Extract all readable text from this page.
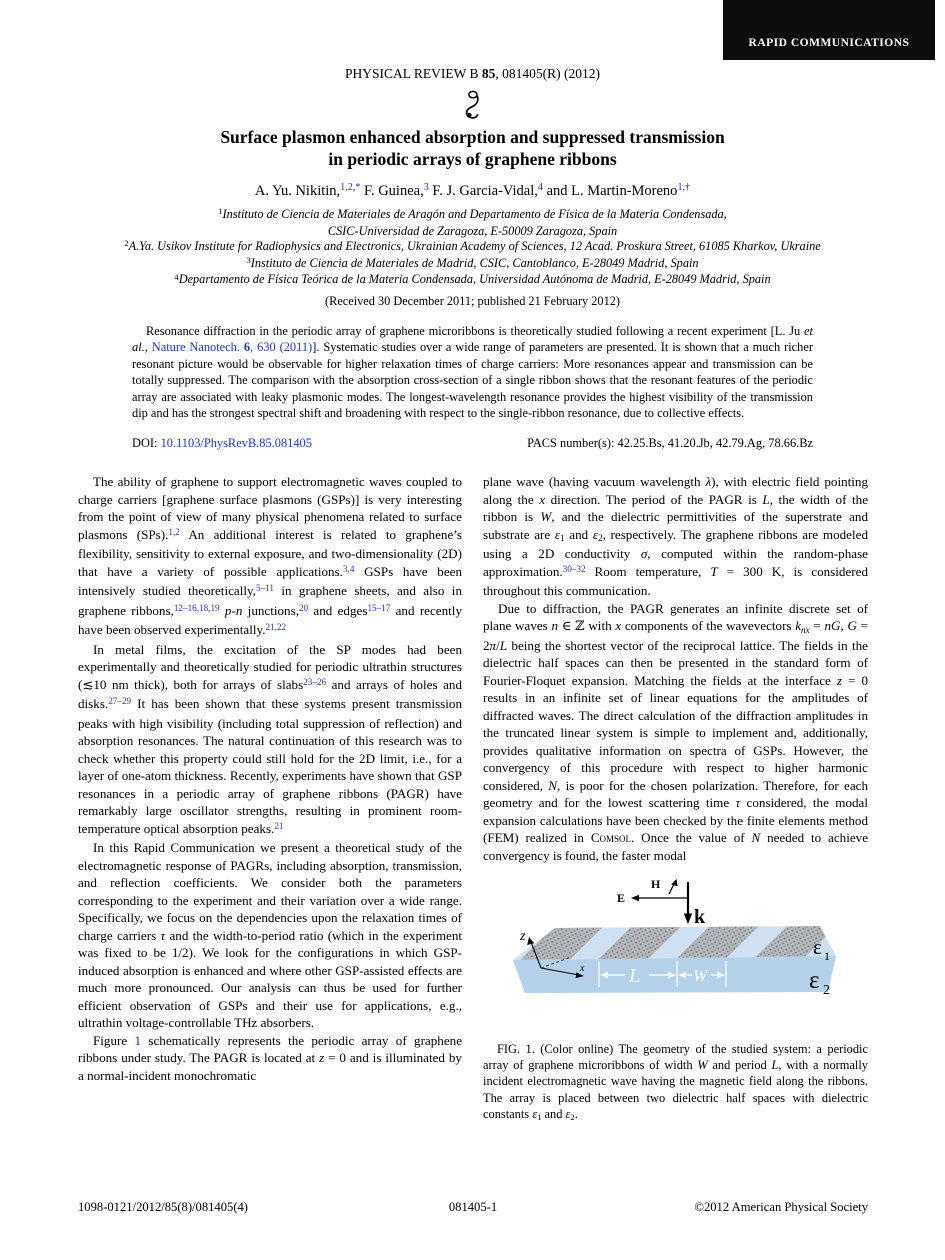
RAPID COMMUNICATIONS
PHYSICAL REVIEW B 85, 081405(R) (2012)
Surface plasmon enhanced absorption and suppressed transmission
in periodic arrays of graphene ribbons
A. Yu. Nikitin,$^{1,2,*}$ F. Guinea,$^3$ F. J. Garcia-Vidal,$^4$ and L. Martin-Moreno$^{1,\dagger}$
$^1$Instituto de Ciencia de Materiales de Aragón and Departamento de Física de la Materia Condensada,
CSIC-Universidad de Zaragoza, E-50009 Zaragoza, Spain
$^2$A.Ya. Usikov Institute for Radiophysics and Electronics, Ukrainian Academy of Sciences, 12 Acad. Proskura Street, 61085 Kharkov, Ukraine
$^3$Instituto de Ciencia de Materiales de Madrid, CSIC, Cantoblanco, E-28049 Madrid, Spain
$^4$Departamento de Física Teórica de la Materia Condensada, Universidad Autónoma de Madrid, E-28049 Madrid, Spain
(Received 30 December 2011; published 21 February 2012)
Resonance diffraction in the periodic array of graphene microribbons is theoretically studied following a recent experiment [L. Ju et al., Nature Nanotech. 6, 630 (2011)]. Systematic studies over a wide range of parameters are presented. It is shown that a much richer resonant picture would be observable for higher relaxation times of charge carriers: More resonances appear and transmission can be totally suppressed. The comparison with the absorption cross-section of a single ribbon shows that the resonant features of the periodic array are associated with leaky plasmonic modes. The longest-wavelength resonance provides the highest visibility of the transmission dip and has the strongest spectral shift and broadening with respect to the single-ribbon resonance, due to collective effects.
DOI: 10.1103/PhysRevB.85.081405	PACS number(s): 42.25.Bs, 41.20.Jb, 42.79.Ag, 78.66.Bz

The ability of graphene to support electromagnetic waves coupled to charge carriers [graphene surface plasmons (GSPs)] is very interesting from the point of view of many physical phenomena related to surface plasmons (SPs).$^{1,2}$ An additional interest is related to graphene’s flexibility, sensitivity to external exposure, and two-dimensionality (2D) that have a variety of possible applications.$^{3,4}$ GSPs have been intensively studied theoretically,$^{5-11}$ in graphene sheets, and also in graphene ribbons,$^{12-16,18,19}$ p-n junctions,$^{20}$ and edges$^{15-17}$ and recently have been observed experimentally.$^{21,22}$

In metal films, the excitation of the SP modes had been experimentally and theoretically studied for periodic ultrathin structures (≲10 nm thick), both for arrays of slabs$^{23-26}$ and arrays of holes and disks.$^{27-29}$ It has been shown that these systems present transmission peaks with high visibility (including total suppression of reflection) and absorption resonances. The natural continuation of this research was to check whether this property could still hold for the 2D limit, i.e., for a layer of one-atom thickness. Recently, experiments have shown that GSP resonances in a periodic array of graphene ribbons (PAGR) have remarkably large oscillator strengths, resulting in prominent room-temperature optical absorption peaks.$^{21}$

In this Rapid Communication we present a theoretical study of the electromagnetic response of PAGRs, including absorption, transmission, and reflection coefficients. We consider both the parameters corresponding to the experiment and their variation over a wide range. Specifically, we focus on the dependencies upon the relaxation times of charge carriers τ and the width-to-period ratio (which in the experiment was fixed to be 1/2). We look for the configurations in which GSP-induced absorption is enhanced and where other GSP-assisted effects are much more pronounced. Our analysis can thus be used for further efficient observation of GSPs and their use for applications, e.g., ultrathin voltage-controllable THz absorbers.

Figure 1 schematically represents the periodic array of graphene ribbons under study. The PAGR is located at z = 0 and is illuminated by a normal-incident monochromatic

plane wave (having vacuum wavelength λ), with electric field pointing along the x direction. The period of the PAGR is L, the width of the ribbon is W, and the dielectric permittivities of the superstrate and substrate are ε1 and ε2, respectively. The graphene ribbons are modeled using a 2D conductivity σ, computed within the random-phase approximation.$^{30-32}$ Room temperature, T = 300 K, is considered throughout this communication.

Due to diffraction, the PAGR generates an infinite discrete set of plane waves n ∈ ℤ with x components of the wavevectors knx = nG, G = 2π/L being the shortest vector of the reciprocal lattice. The fields in the dielectric half spaces can then be presented in the standard form of Fourier-Floquet expansion. Matching the fields at the interface z = 0 results in an infinite set of linear equations for the amplitudes of diffracted waves. The direct calculation of the diffraction amplitudes in the truncated linear system is simple to implement and, additionally, provides qualitative information on spectra of GSPs. However, the convergency of this procedure with respect to higher harmonic considered, N, is poor for the chosen polarization. Therefore, for each geometry and for the lowest scattering time τ considered, the modal expansion calculations have been checked by the finite elements method (FEM) realized in Comsol. Once the value of N needed to achieve convergency is found, the faster modal

L	W
k
E
H
z
x
ε 1
ε 2
FIG. 1. (Color online) The geometry of the studied system: a periodic array of graphene microribbons of width W and period L, with a normally incident electromagnetic wave having the magnetic field along the ribbons. The array is placed between two dielectric half spaces with dielectric constants ε1 and ε2.
1098-0121/2012/85(8)/081405(4)	081405-1	©2012 American Physical Society
